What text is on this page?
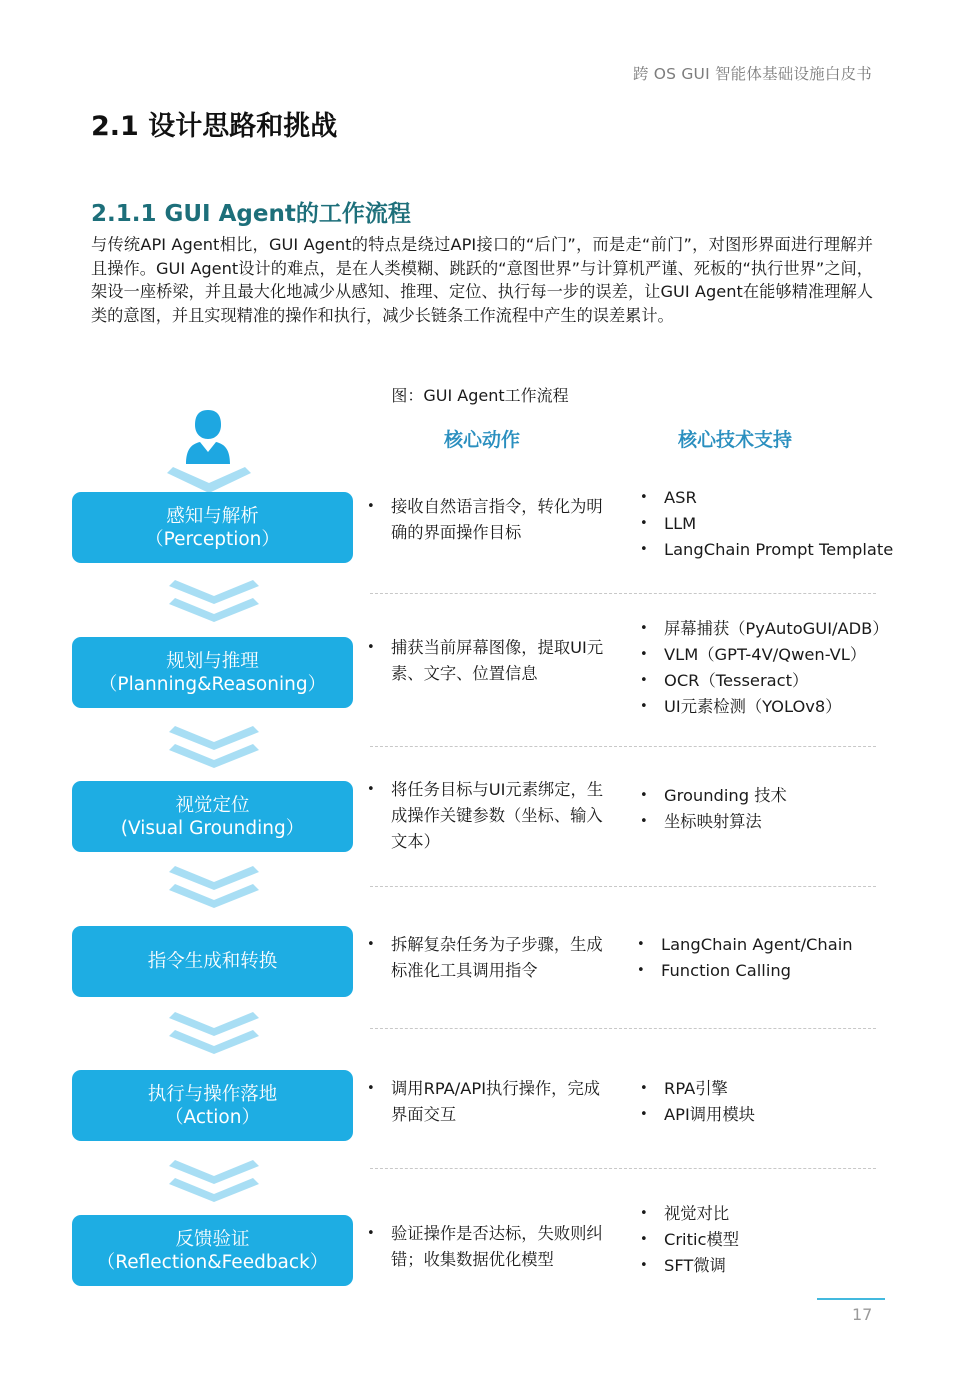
跨 OS GUI 智能体基础设施白皮书
2.1 设计思路和挑战
2.1.1 GUI Agent的工作流程

与传统API Agent相比，GUI Agent的特点是绕过API接口的“后门”，而是走“前门”，对图形界面进行理解并且操作。GUI Agent设计的难点，是在人类模糊、跳跃的“意图世界”与计算机严谨、死板的“执行世界”之间，架设一座桥梁，并且最大化地减少从感知、推理、定位、执行每一步的误差，让GUI Agent在能够精准理解人类的意图，并且实现精准的操作和执行，减少长链条工作流程中产生的误差累计。

图：GUI Agent工作流程
核心动作	核心技术支持
感知与解析
（Perception）
• 接收自然语言指令，转化为明确的界面操作目标
• ASR
• LLM
• LangChain Prompt Template
规划与推理
（Planning&Reasoning）
• 捕获当前屏幕图像，提取UI元素、文字、位置信息
• 屏幕捕获（PyAutoGUI/ADB）
• VLM（GPT-4V/Qwen-VL）
• OCR（Tesseract）
• UI元素检测（YOLOv8）
视觉定位
(Visual Grounding）
• 将任务目标与UI元素绑定，生成操作关键参数（坐标、输入文本）
• Grounding 技术
• 坐标映射算法
指令生成和转换
• 拆解复杂任务为子步骤，生成标准化工具调用指令
• LangChain Agent/Chain
• Function Calling
执行与操作落地
（Action）
• 调用RPA/API执行操作，完成界面交互
• RPA引擎
• API调用模块
反馈验证
（Reflection&Feedback）
• 验证操作是否达标，失败则纠错；收集数据优化模型
• 视觉对比
• Critic模型
• SFT微调
17
